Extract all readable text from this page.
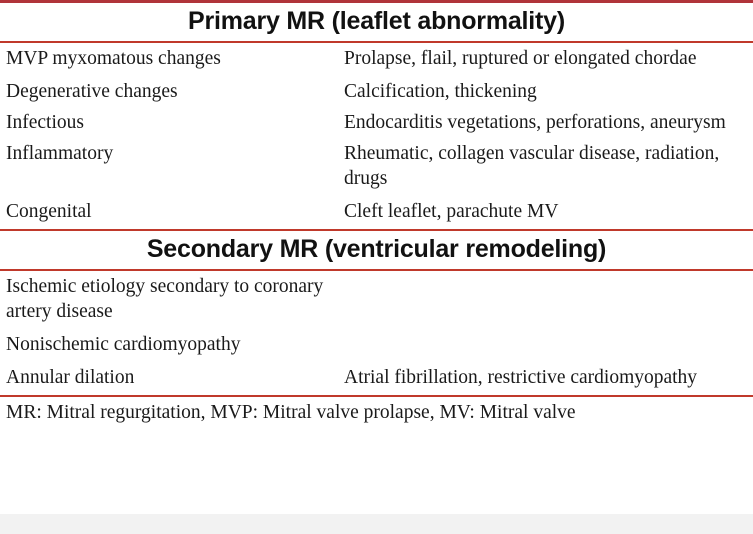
Primary MR (leaflet abnormality)
MVP myxomatous changes	Prolapse, flail, ruptured or elongated chordae
Degenerative changes	Calcification, thickening
Infectious	Endocarditis vegetations, perforations, aneurysm
Inflammatory	Rheumatic, collagen vascular disease, radiation, drugs
Congenital	Cleft leaflet, parachute MV
Secondary MR (ventricular remodeling)
Ischemic etiology secondary to coronary artery disease
Nonischemic cardiomyopathy
Annular dilation	Atrial fibrillation, restrictive cardiomyopathy
MR: Mitral regurgitation, MVP: Mitral valve prolapse, MV: Mitral valve
